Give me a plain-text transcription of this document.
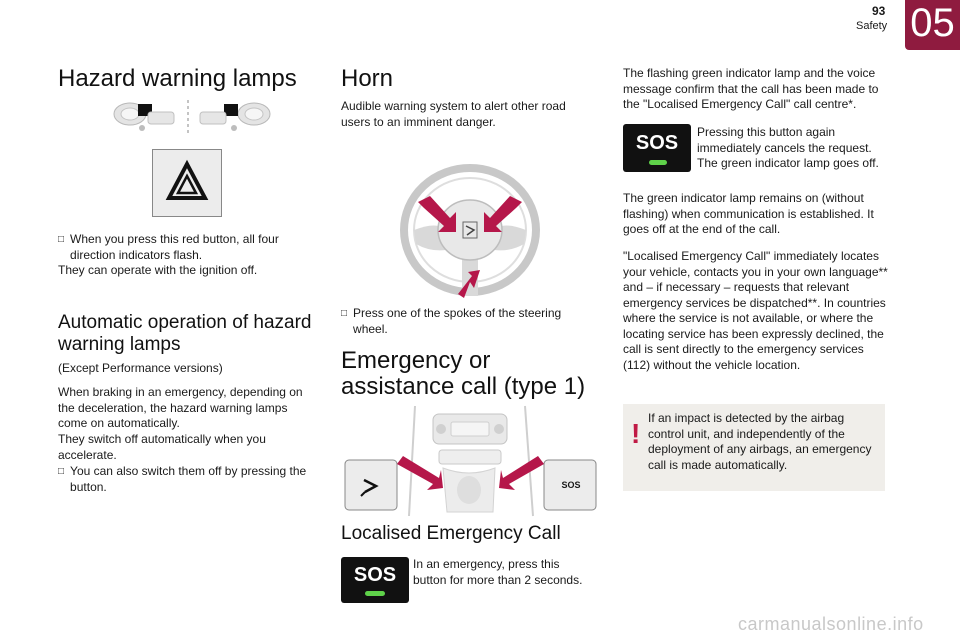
93
Safety 05
Hazard warning lamps
□ When you press this red button, all four direction indicators flash.

They can operate with the ignition off.

Automatic operation of hazard warning lamps

(Except Performance versions)

When braking in an emergency, depending on the deceleration, the hazard warning lamps come on automatically.

They switch off automatically when you accelerate.

□ You can also switch them off by pressing the button.

Horn

Audible warning system to alert other road users to an imminent danger.

□ Press one of the spokes of the steering wheel.

Emergency or assistance call (type 1)
SOS
Localised Emergency Call
SOS	In an emergency, press this button for more than 2 seconds.

The flashing green indicator lamp and the voice message confirm that the call has been made to the "Localised Emergency Call" call centre*.

SOS	Pressing this button again immediately cancels the request. The green indicator lamp goes off.

The green indicator lamp remains on (without flashing) when communication is established. It goes off at the end of the call.

"Localised Emergency Call" immediately locates your vehicle, contacts you in your own language** and – if necessary – requests that relevant emergency services be dispatched**. In countries where the service is not available, or where the locating service has been expressly declined, the call is sent directly to the emergency services (112) without the vehicle location.

! If an impact is detected by the airbag control unit, and independently of the deployment of any airbags, an emergency call is made automatically.

carmanualsonline.info
